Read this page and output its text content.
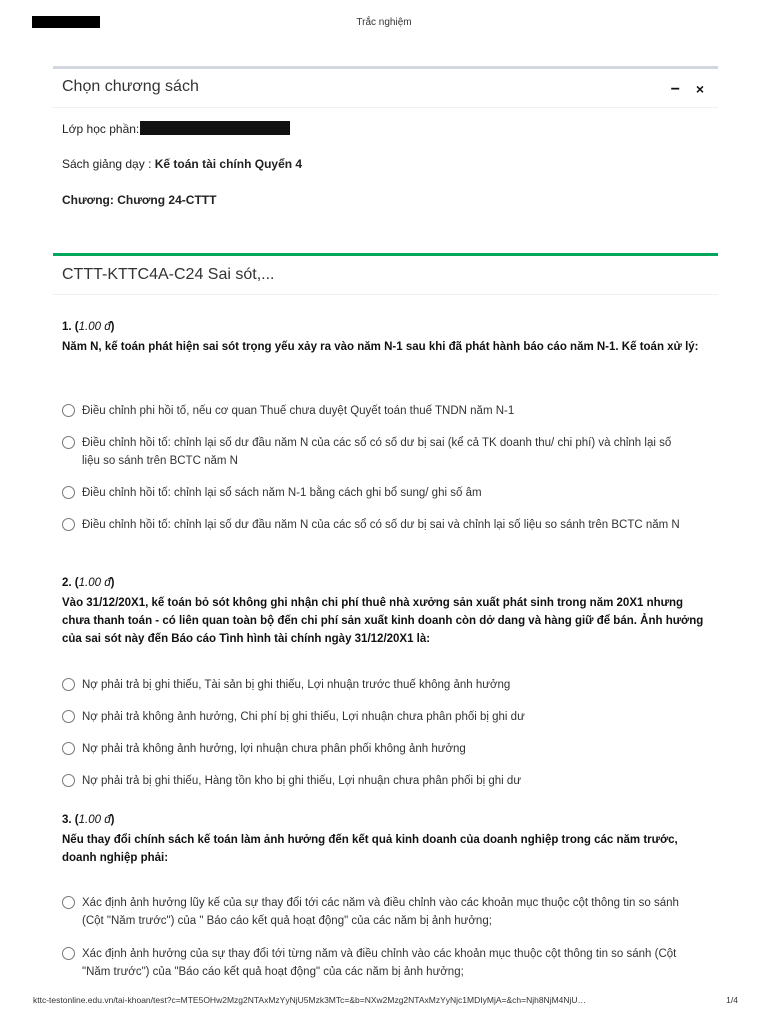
Trắc nghiệm
Chọn chương sách	− ×
Lớp học phần:
Sách giảng dạy : Kế toán tài chính Quyển 4
Chương: Chương 24-CTTT
CTTT-KTTC4A-C24 Sai sót,...
1. (1.00 đ)
Năm N, kế toán phát hiện sai sót trọng yếu xảy ra vào năm N-1 sau khi đã phát hành báo cáo năm N-1. Kế toán xử lý:
Điều chỉnh phi hồi tố, nếu cơ quan Thuế chưa duyệt Quyết toán thuế TNDN năm N-1
Điều chỉnh hồi tố: chỉnh lại số dư đầu năm N của các sổ có số dư bị sai (kể cả TK doanh thu/ chi phí) và chỉnh lại số liệu so sánh trên BCTC năm N
Điều chỉnh hồi tố: chỉnh lại sổ sách năm N-1 bằng cách ghi bổ sung/ ghi số âm
Điều chỉnh hồi tố: chỉnh lại số dư đầu năm N của các sổ có số dư bị sai và chỉnh lại số liệu so sánh trên BCTC năm N
2. (1.00 đ)
Vào 31/12/20X1, kế toán bỏ sót không ghi nhận chi phí thuê nhà xưởng sản xuất phát sinh trong năm 20X1 nhưng chưa thanh toán - có liên quan toàn bộ đến chi phí sản xuất kinh doanh còn dở dang và hàng giữ để bán. Ảnh hưởng của sai sót này đến Báo cáo Tình hình tài chính ngày 31/12/20X1 là:
Nợ phải trả bị ghi thiếu, Tài sản bị ghi thiếu, Lợi nhuận trước thuế không ảnh hưởng
Nợ phải trả không ảnh hưởng, Chi phí bị ghi thiếu, Lợi nhuận chưa phân phối bị ghi dư
Nợ phải trả không ảnh hưởng, lợi nhuận chưa phân phối không ảnh hưởng
Nợ phải trả bị ghi thiếu, Hàng tồn kho bị ghi thiếu, Lợi nhuận chưa phân phối bị ghi dư
3. (1.00 đ)
Nếu thay đổi chính sách kế toán làm ảnh hưởng đến kết quả kinh doanh của doanh nghiệp trong các năm trước, doanh nghiệp phải:
Xác định ảnh hưởng lũy kế của sự thay đổi tới các năm và điều chỉnh vào các khoản mục thuộc cột thông tin so sánh (Cột "Năm trước") của " Báo cáo kết quả hoạt động" của các năm bị ảnh hưởng;
Xác định ảnh hưởng của sự thay đổi tới từng năm và điều chỉnh vào các khoản mục thuộc cột thông tin so sánh (Cột "Năm trước") của "Báo cáo kết quả hoạt động" của các năm bị ảnh hưởng;
kttc-testonline.edu.vn/tai-khoan/test?c=MTE5OHw2Mzg2NTAxMzYyNjU5Mzk3MTc=&b=NXw2Mzg2NTAxMzYyNjc1MDIyMjA=&ch=Njh8NjM4NjU…	1/4
